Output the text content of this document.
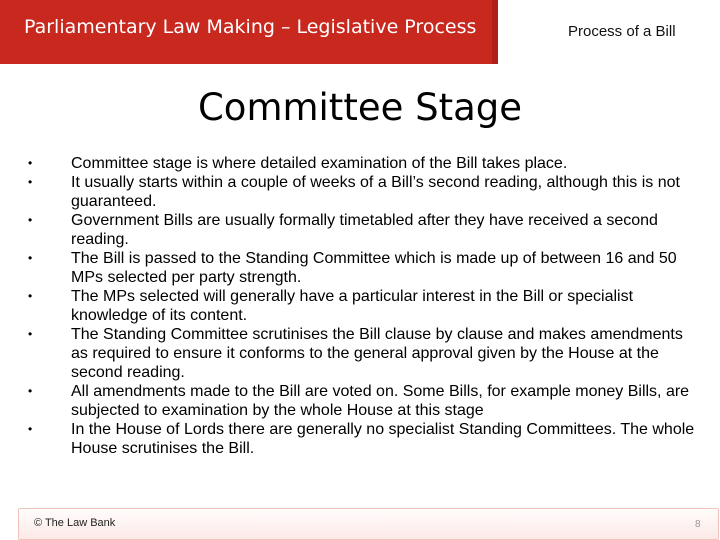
Parliamentary Law Making – Legislative Process	Process of a Bill
Committee Stage
•	Committee stage is where detailed examination of the Bill takes place.
•	It usually starts within a couple of weeks of a Bill’s second reading, although this is not guaranteed.
•	Government Bills are usually formally timetabled after they have received a second reading.
•	The Bill is passed to the Standing Committee which is made up of between 16 and 50 MPs selected per party strength.
•	The MPs selected will generally have a particular interest in the Bill or specialist knowledge of its content.
•	The Standing Committee scrutinises the Bill clause by clause and makes amendments as required to ensure it conforms to the general approval given by the House at the second reading.
•	All amendments made to the Bill are voted on. Some Bills, for example money Bills, are subjected to examination by the whole House at this stage
•	In the House of Lords there are generally no specialist Standing Committees. The whole House scrutinises the Bill.
© The Law Bank	8
